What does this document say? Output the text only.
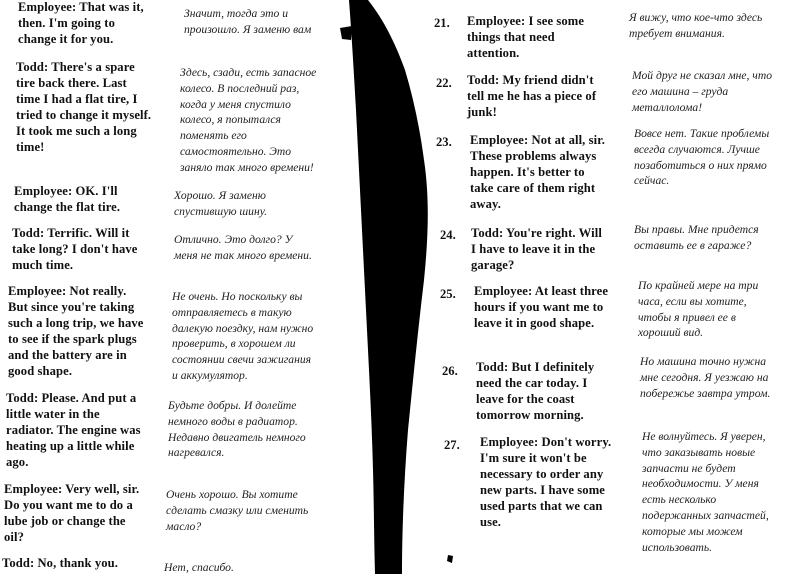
Employee: That was it,
then. I'm going to
change it for you.
Значит, тогда это и
произошло. Я заменю вам
Todd: There's a spare
tire back there. Last
time I had a flat tire, I
tried to change it myself.
It took me such a long
time!
Здесь, сзади, есть запасное
колесо. В последний раз,
когда у меня спустило
колесо, я попытался
поменять его
самостоятельно. Это
заняло так много времени!
Employee: OK. I'll
change the flat tire.
Хорошо. Я заменю
спустившую шину.
Todd: Terrific. Will it
take long? I don't have
much time.
Отлично. Это долго? У
меня не так много времени.
Employee: Not really.
But since you're taking
such a long trip, we have
to see if the spark plugs
and the battery are in
good shape.
Не очень. Но поскольку вы
отправляетесь в такую
далекую поездку, нам нужно
проверить, в хорошем ли
состоянии свечи зажигания
и аккумулятор.
Todd: Please. And put a
little water in the
radiator. The engine was
heating up a little while
ago.
Будьте добры. И долейте
немного воды в радиатор.
Недавно двигатель немного
нагревался.
Employee: Very well, sir.
Do you want me to do a
lube job or change the
oil?
Очень хорошо. Вы хотите
сделать смазку или сменить
масло?
Todd: No, thank you.	Нет, спасибо.
21. Employee: I see some
things that need
attention.
Я вижу, что кое-что здесь
требует внимания.
22. Todd: My friend didn't
tell me he has a piece of
junk!
Мой друг не сказал мне, что
его машина – груда
металлолома!
23. Employee: Not at all, sir.
These problems always
happen. It's better to
take care of them right
away.
Вовсе нет. Такие проблемы
всегда случаются. Лучше
позаботиться о них прямо
сейчас.
24. Todd: You're right. Will
I have to leave it in the
garage?
Вы правы. Мне придется
оставить ее в гараже?
25. Employee: At least three
hours if you want me to
leave it in good shape.
По крайней мере на три
часа, если вы хотите,
чтобы я привел ее в
хороший вид.
26. Todd: But I definitely
need the car today. I
leave for the coast
tomorrow morning.
Но машина точно нужна
мне сегодня. Я уезжаю на
побережье завтра утром.
27. Employee: Don't worry.
I'm sure it won't be
necessary to order any
new parts. I have some
used parts that we can
use.
Не волнуйтесь. Я уверен,
что заказывать новые
запчасти не будет
необходимости. У меня
есть несколько
подержанных запчастей,
которые мы можем
использовать.
